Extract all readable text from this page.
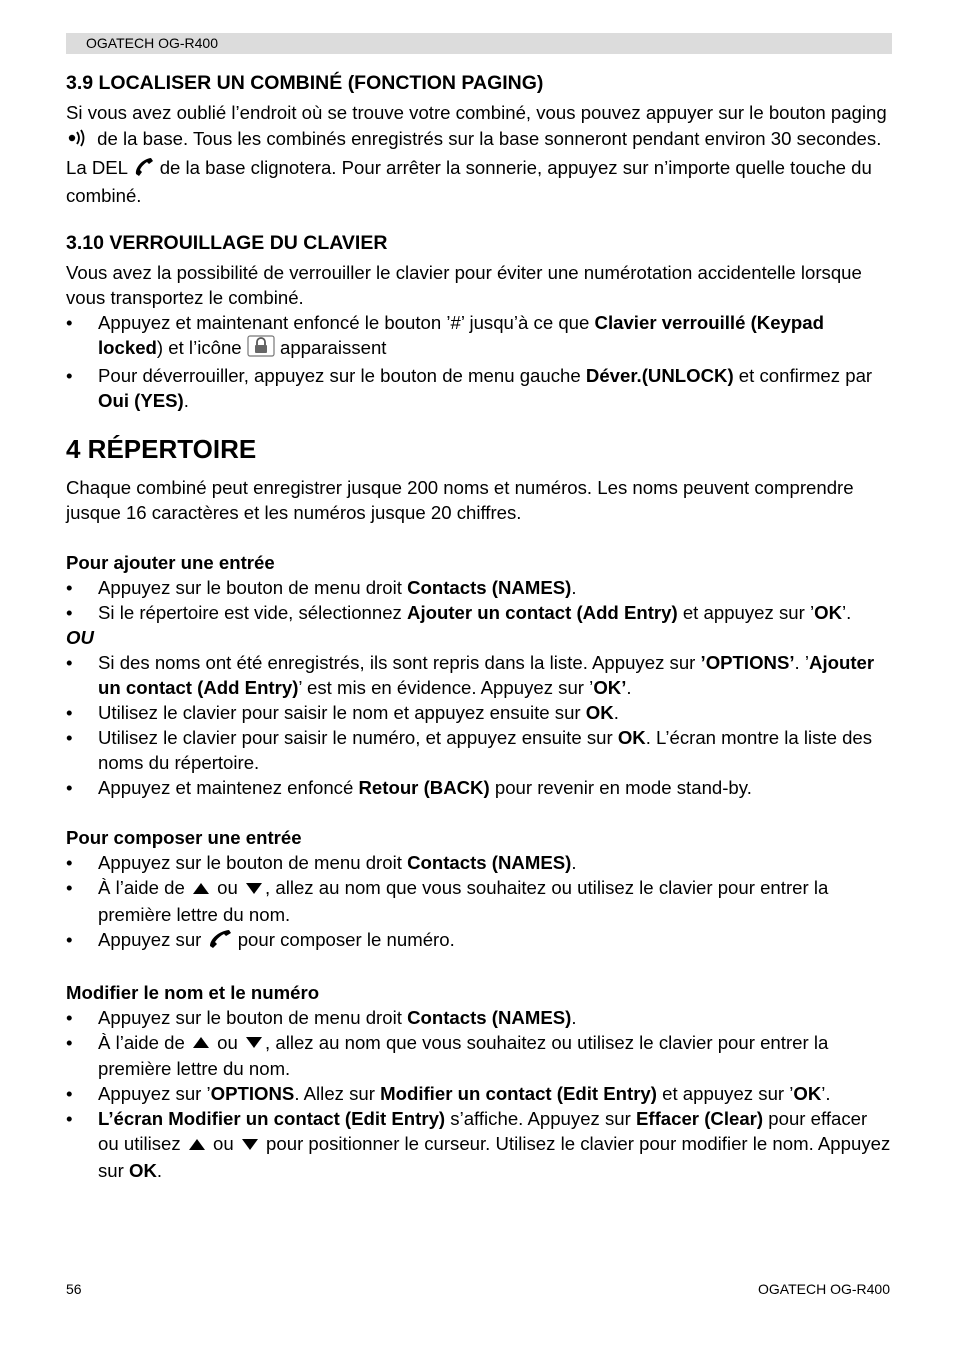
OGATECH OG-R400
3.9 LOCALISER UN COMBINÉ (FONCTION PAGING)

Si vous avez oublié l’endroit où se trouve votre combiné, vous pouvez appuyer sur le bouton paging  de la base. Tous les combinés enregistrés sur la base sonneront pendant environ 30 secondes.

La DEL de la base clignotera. Pour arrêter la sonnerie, appuyez sur n’importe quelle touche du combiné.

3.10 VERROUILLAGE DU CLAVIER

Vous avez la possibilité de verrouiller le clavier pour éviter une numérotation accidentelle lorsque vous transportez le combiné.

• Appuyez et maintenant enfoncé le bouton ’#’ jusqu’à ce que Clavier verrouillé (Keypad locked) et l’icône  apparaissent
• Pour déverrouiller, appuyez sur le bouton de menu gauche Déver.(UNLOCK) et confirmez par Oui (YES).
4 RÉPERTOIRE

Chaque combiné peut enregistrer jusque 200 noms et numéros. Les noms peuvent comprendre jusque 16 caractères et les numéros jusque 20 chiffres.

Pour ajouter une entrée

• Appuyez sur le bouton de menu droit Contacts (NAMES).
• Si le répertoire est vide, sélectionnez Ajouter un contact (Add Entry) et appuyez sur ’OK’.

OU

• Si des noms ont été enregistrés, ils sont repris dans la liste. Appuyez sur ’OPTIONS’. ’Ajouter un contact (Add Entry)’ est mis en évidence. Appuyez sur ’OK’.
• Utilisez le clavier pour saisir le nom et appuyez ensuite sur OK.
• Utilisez le clavier pour saisir le numéro, et appuyez ensuite sur OK. L’écran montre la liste des noms du répertoire.
• Appuyez et maintenez enfoncé Retour (BACK) pour revenir en mode stand-by.

Pour composer une entrée

• Appuyez sur le bouton de menu droit Contacts (NAMES).
• À l’aide de  ou , allez au nom que vous souhaitez ou utilisez le clavier pour entrer la première lettre du nom.
• Appuyez sur  pour composer le numéro.

Modifier le nom et le numéro

• Appuyez sur le bouton de menu droit Contacts (NAMES).
• À l’aide de  ou , allez au nom que vous souhaitez ou utilisez le clavier pour entrer la première lettre du nom.
• Appuyez sur ’OPTIONS. Allez sur Modifier un contact (Edit Entry) et appuyez sur ’OK’.
• L’écran Modifier un contact (Edit Entry) s’affiche. Appuyez sur Effacer (Clear) pour effacer ou utilisez  ou  pour positionner le curseur. Utilisez le clavier pour modifier le nom. Appuyez sur OK.
56	OGATECH OG-R400
